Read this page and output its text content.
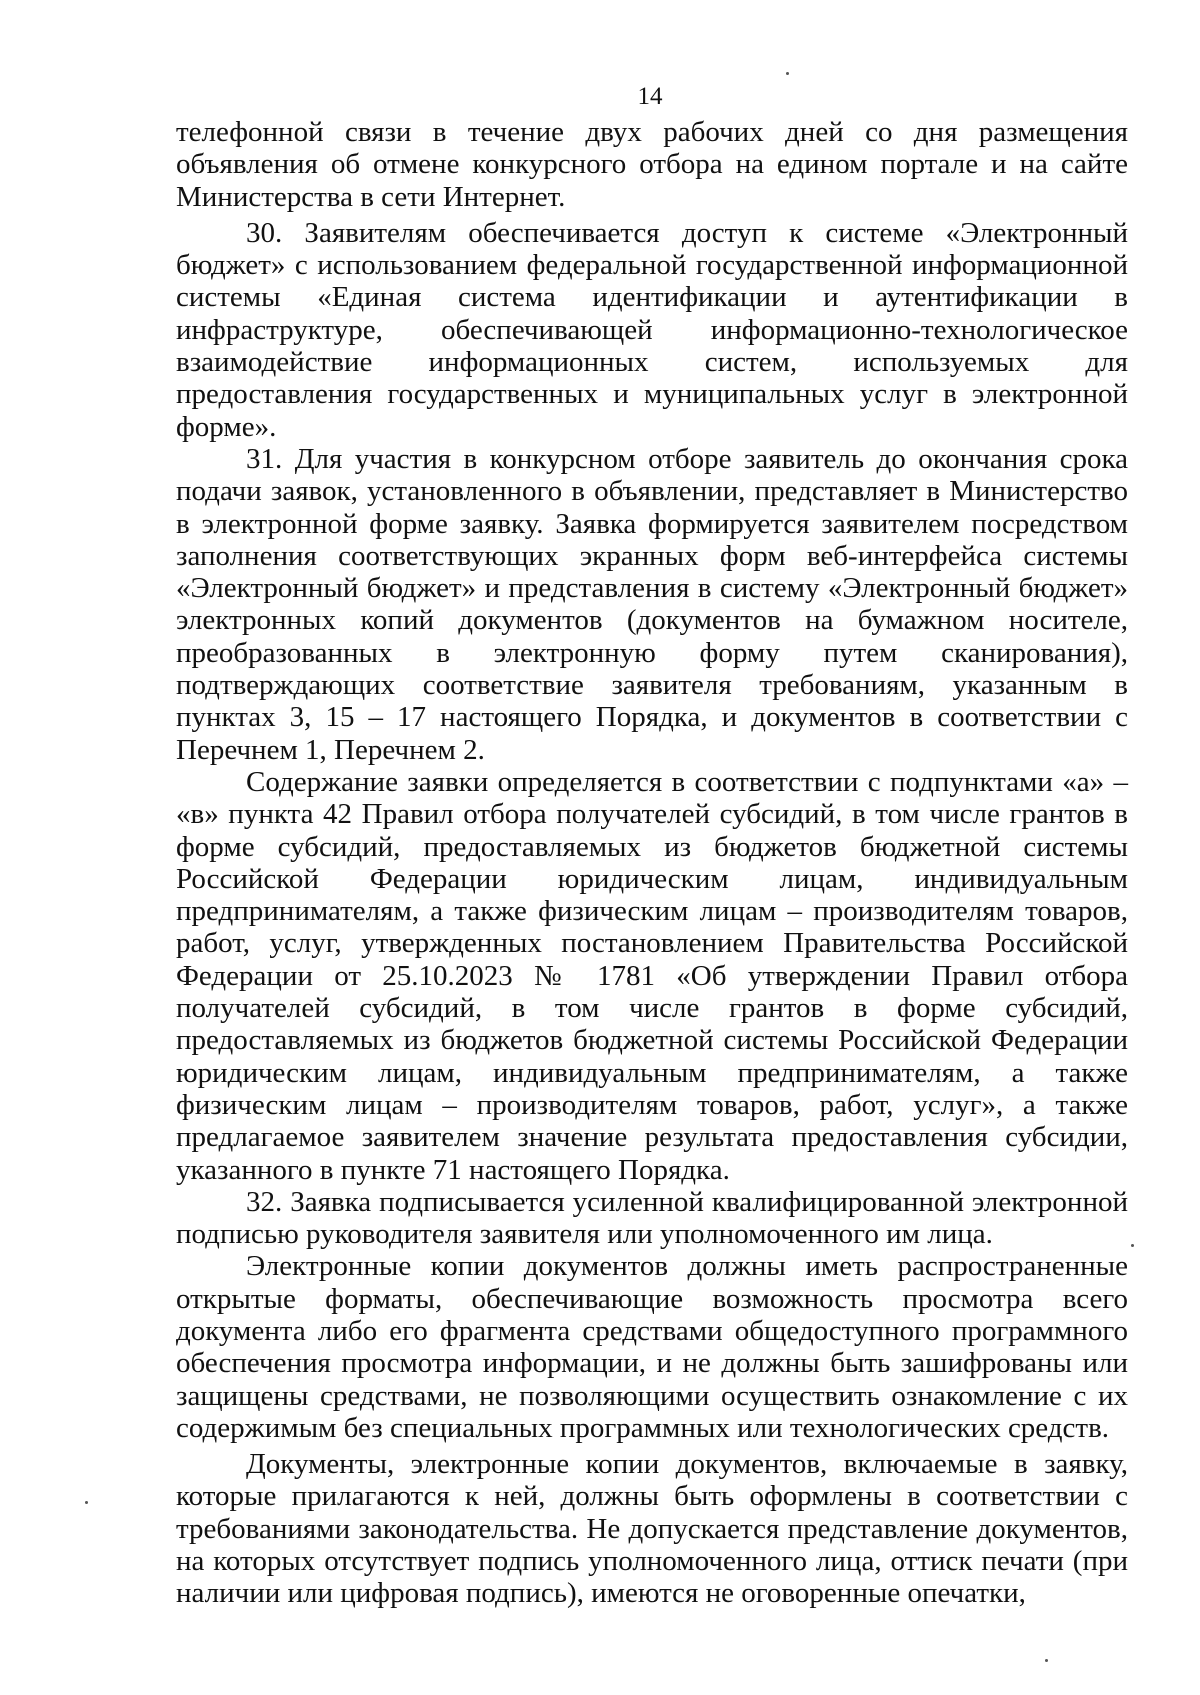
14

телефонной связи в течение двух рабочих дней со дня размещения объявления об отмене конкурсного отбора на едином портале и на сайте Министерства в сети Интернет.

30. Заявителям обеспечивается доступ к системе «Электронный бюджет» с использованием федеральной государственной информационной системы «Единая система идентификации и аутентификации в инфраструктуре, обеспечивающей информационно-технологическое взаимодействие информационных систем, используемых для предоставления государственных и муниципальных услуг в электронной форме».

31. Для участия в конкурсном отборе заявитель до окончания срока подачи заявок, установленного в объявлении, представляет в Министерство в электронной форме заявку. Заявка формируется заявителем посредством заполнения соответствующих экранных форм веб-интерфейса системы «Электронный бюджет» и представления в систему «Электронный бюджет» электронных копий документов (документов на бумажном носителе, преобразованных в электронную форму путем сканирования), подтверждающих соответствие заявителя требованиям, указанным в пунктах 3, 15 – 17 настоящего Порядка, и документов в соответствии с Перечнем 1, Перечнем 2.

Содержание заявки определяется в соответствии с подпунктами «а» – «в» пункта 42 Правил отбора получателей субсидий, в том числе грантов в форме субсидий, предоставляемых из бюджетов бюджетной системы Российской Федерации юридическим лицам, индивидуальным предпринимателям, а также физическим лицам – производителям товаров, работ, услуг, утвержденных постановлением Правительства Российской Федерации от 25.10.2023 № 1781 «Об утверждении Правил отбора получателей субсидий, в том числе грантов в форме субсидий, предоставляемых из бюджетов бюджетной системы Российской Федерации юридическим лицам, индивидуальным предпринимателям, а также физическим лицам – производителям товаров, работ, услуг», а также предлагаемое заявителем значение результата предоставления субсидии, указанного в пункте 71 настоящего Порядка.

32. Заявка подписывается усиленной квалифицированной электронной подписью руководителя заявителя или уполномоченного им лица.

Электронные копии документов должны иметь распространенные открытые форматы, обеспечивающие возможность просмотра всего документа либо его фрагмента средствами общедоступного программного обеспечения просмотра информации, и не должны быть зашифрованы или защищены средствами, не позволяющими осуществить ознакомление с их содержимым без специальных программных или технологических средств.

Документы, электронные копии документов, включаемые в заявку, которые прилагаются к ней, должны быть оформлены в соответствии с требованиями законодательства. Не допускается представление документов, на которых отсутствует подпись уполномоченного лица, оттиск печати (при наличии или цифровая подпись), имеются не оговоренные опечатки,
